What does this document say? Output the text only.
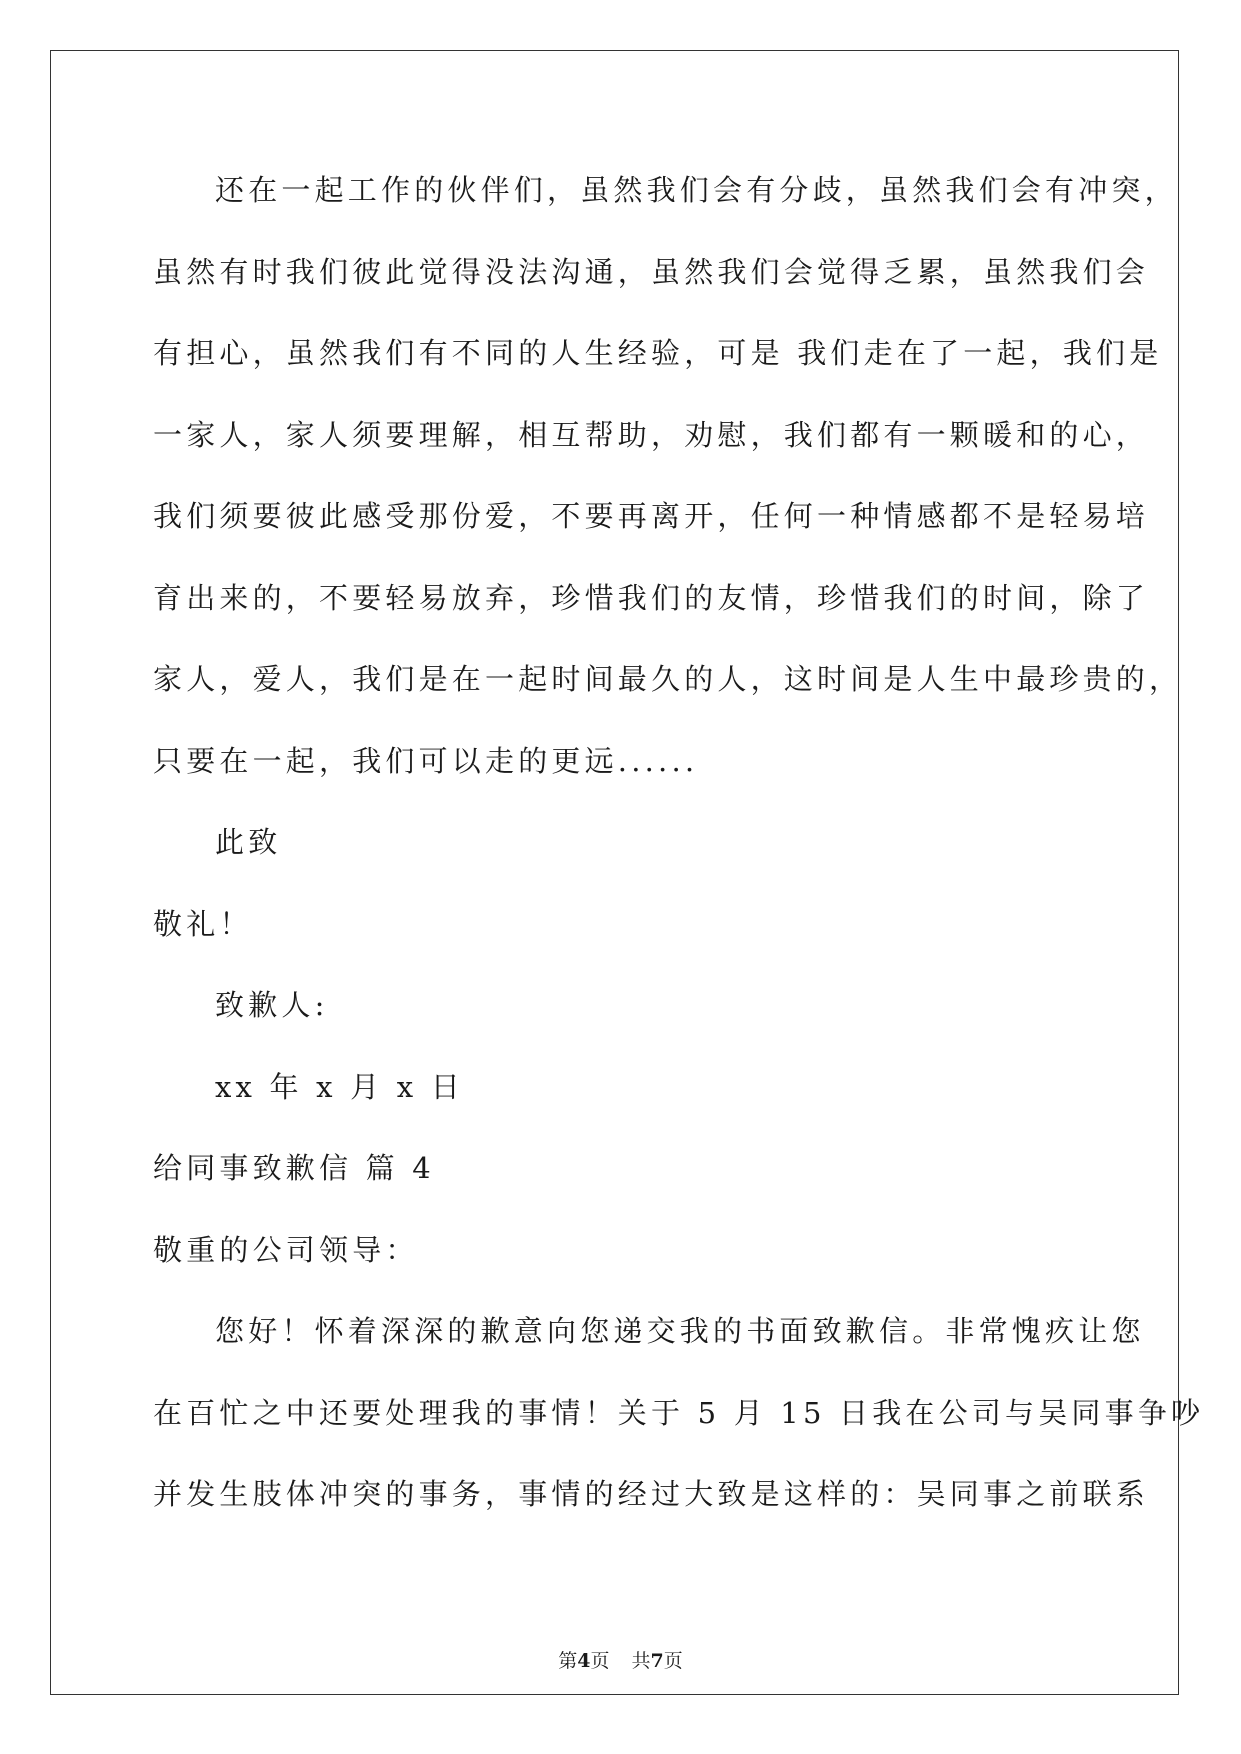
还在一起工作的伙伴们，虽然我们会有分歧，虽然我们会有冲突，
虽然有时我们彼此觉得没法沟通，虽然我们会觉得乏累，虽然我们会
有担心，虽然我们有不同的人生经验，可是 我们走在了一起，我们是
一家人，家人须要理解，相互帮助，劝慰，我们都有一颗暖和的心，
我们须要彼此感受那份爱，不要再离开，任何一种情感都不是轻易培
育出来的，不要轻易放弃，珍惜我们的友情，珍惜我们的时间，除了
家人，爱人，我们是在一起时间最久的人，这时间是人生中最珍贵的，
只要在一起，我们可以走的更远......
此致
敬礼！
致歉人:
xx 年 x 月 x 日
给同事致歉信 篇 4
敬重的公司领导：
您好！怀着深深的歉意向您递交我的书面致歉信。非常愧疚让您
在百忙之中还要处理我的事情！关于 5 月 15 日我在公司与吴同事争吵
并发生肢体冲突的事务，事情的经过大致是这样的：吴同事之前联系
第4页 共7页
